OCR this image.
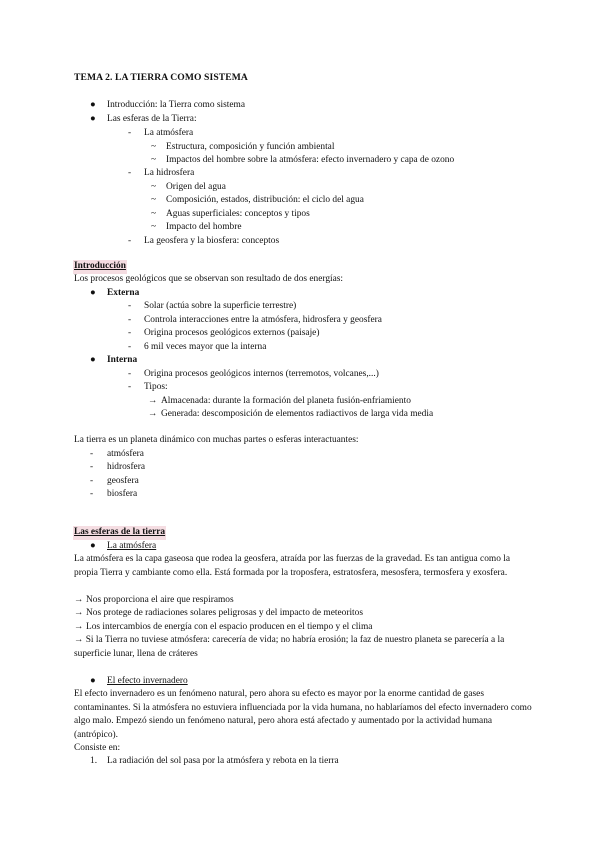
TEMA 2. LA TIERRA COMO SISTEMA
● Introducción: la Tierra como sistema
● Las esferas de la Tierra:
- La atmósfera
~ Estructura, composición y función ambiental
~ Impactos del hombre sobre la atmósfera: efecto invernadero y capa de ozono
- La hidrosfera
~ Origen del agua
~ Composición, estados, distribución: el ciclo del agua
~ Aguas superficiales: conceptos y tipos
~ Impacto del hombre
- La geosfera y la biosfera: conceptos
Introducción
Los procesos geológicos que se observan son resultado de dos energías:
● Externa
- Solar (actúa sobre la superficie terrestre)
- Controla interacciones entre la atmósfera, hidrosfera y geosfera
- Origina procesos geológicos externos (paisaje)
- 6 mil veces mayor que la interna
● Interna
- Origina procesos geológicos internos (terremotos, volcanes,...)
- Tipos:
→ Almacenada: durante la formación del planeta fusión-enfriamiento
→ Generada: descomposición de elementos radiactivos de larga vida media
La tierra es un planeta dinámico con muchas partes o esferas interactuantes:
- atmósfera
- hidrosfera
- geosfera
- biosfera
Las esferas de la tierra
● La atmósfera
La atmósfera es la capa gaseosa que rodea la geosfera, atraída por las fuerzas de la gravedad. Es tan antigua como la propia Tierra y cambiante como ella. Está formada por la troposfera, estratosfera, mesosfera, termosfera y exosfera.
→ Nos proporciona el aire que respiramos
→ Nos protege de radiaciones solares peligrosas y del impacto de meteoritos
→ Los intercambios de energía con el espacio producen en el tiempo y el clima
→ Si la Tierra no tuviese atmósfera: carecería de vida; no habría erosión; la faz de nuestro planeta se parecería a la superficie lunar, llena de cráteres
● El efecto invernadero
El efecto invernadero es un fenómeno natural, pero ahora su efecto es mayor por la enorme cantidad de gases contaminantes. Si la atmósfera no estuviera influenciada por la vida humana, no hablaríamos del efecto invernadero como algo malo. Empezó siendo un fenómeno natural, pero ahora está afectado y aumentado por la actividad humana (antrópico).
Consiste en:
1. La radiación del sol pasa por la atmósfera y rebota en la tierra
